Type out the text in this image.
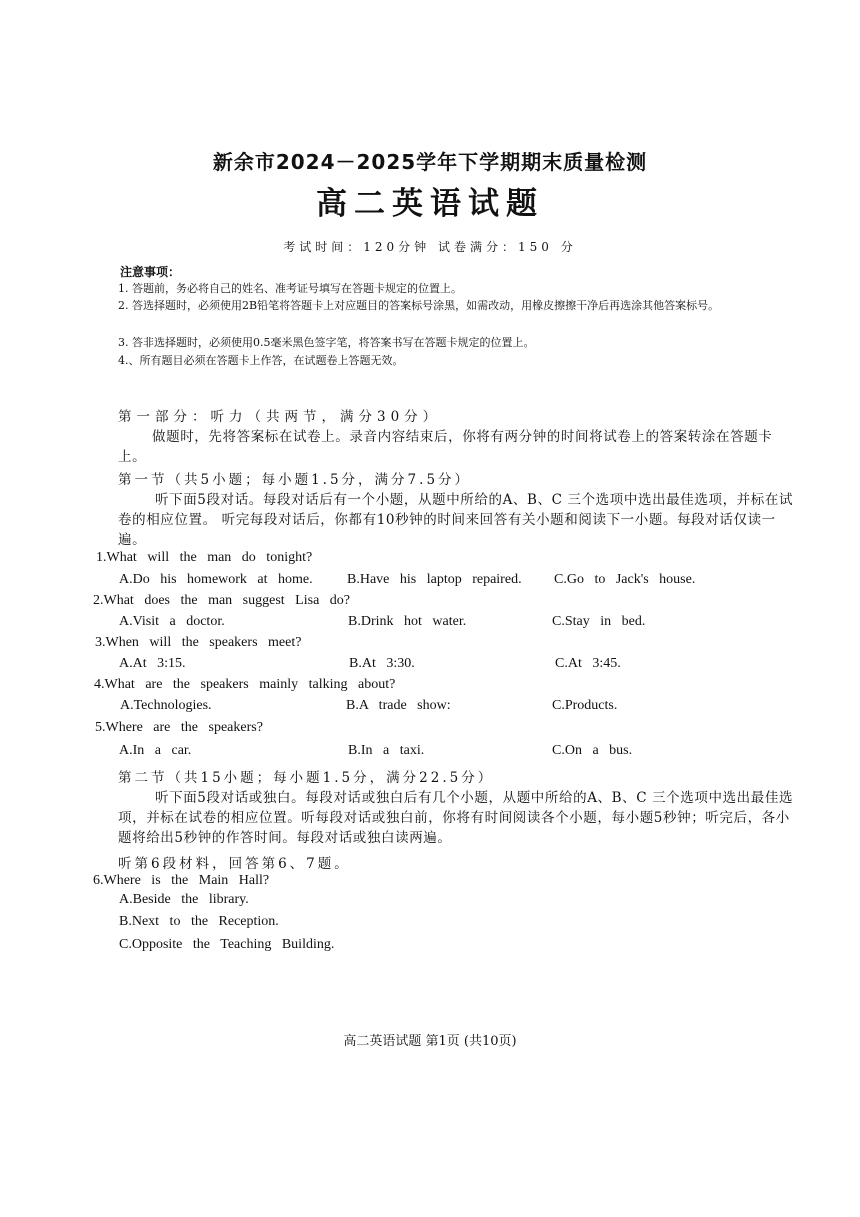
新余市2024－2025学年下学期期末质量检测
高二英语试题
考试时间：120分钟 试卷满分：150 分
注意事项：
1. 答题前，务必将自己的姓名、准考证号填写在答题卡规定的位置上。
2. 答选择题时，必须使用2B铅笔将答题卡上对应题目的答案标号涂黑，如需改动，用橡皮擦擦干净后再选涂其他答案标号。
3. 答非选择题时，必须使用0.5毫米黑色签字笔，将答案书写在答题卡规定的位置上。
4.、所有题目必须在答题卡上作答，在试题卷上答题无效。
第一部分：听力（共两节，满分30分）
做题时，先将答案标在试卷上。录音内容结束后，你将有两分钟的时间将试卷上的答案转涂在答题卡上。
第一节（共5小题；每小题1.5分，满分7.5分）
听下面5段对话。每段对话后有一个小题，从题中所给的A、B、C 三个选项中选出最佳选项，并标在试卷的相应位置。 听完每段对话后，你都有10秒钟的时间来回答有关小题和阅读下一小题。每段对话仅读一遍。
1.What will the man do tonight?
A.Do his homework at home. B.Have his laptop repaired. C.Go to Jack's house.
2.What does the man suggest Lisa do?
A.Visit a doctor.	B.Drink hot water.	C.Stay in bed.
3.When will the speakers meet?
A.At 3:15.	B.At 3:30.	C.At 3:45.
4.What are the speakers mainly talking about?
A.Technologies.	B.A trade show:	C.Products.
5.Where are the speakers?
A.In a car.	B.In a taxi.	C.On a bus.
第二节（共15小题；每小题1.5分，满分22.5分）
听下面5段对话或独白。每段对话或独白后有几个小题，从题中所给的A、B、C 三个选项中选出最佳选项，并标在试卷的相应位置。听每段对话或独白前，你将有时间阅读各个小题，每小题5秒钟；听完后，各小题将给出5秒钟的作答时间。每段对话或独白读两遍。
听第6段材料，回答第6、7题。
6.Where is the Main Hall?
A.Beside the library.
B.Next to the Reception.
C.Opposite the Teaching Building.
高二英语试题 第1页 (共10页)
